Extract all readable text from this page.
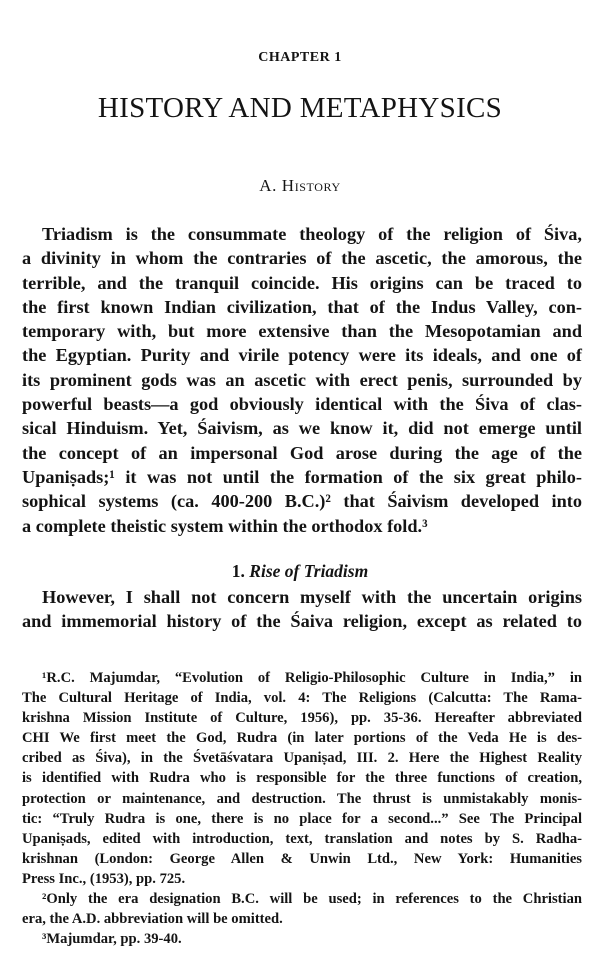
CHAPTER 1
HISTORY AND METAPHYSICS
A. History
Triadism is the consummate theology of the religion of Śiva,
a divinity in whom the contraries of the ascetic, the amorous, the
terrible, and the tranquil coincide. His origins can be traced to
the first known Indian civilization, that of the Indus Valley, con-
temporary with, but more extensive than the Mesopotamian and
the Egyptian. Purity and virile potency were its ideals, and one of
its prominent gods was an ascetic with erect penis, surrounded by
powerful beasts—a god obviously identical with the Śiva of clas-
sical Hinduism. Yet, Śaivism, as we know it, did not emerge until
the concept of an impersonal God arose during the age of the
Upaniṣads;¹ it was not until the formation of the six great philo-
sophical systems (ca. 400-200 B.C.)² that Śaivism developed into
a complete theistic system within the orthodox fold.³
1. Rise of Triadism
However, I shall not concern myself with the uncertain origins
and immemorial history of the Śaiva religion, except as related to
¹R.C. Majumdar, “Evolution of Religio-Philosophic Culture in India,” in
The Cultural Heritage of India, vol. 4: The Religions (Calcutta: The Rama-
krishna Mission Institute of Culture, 1956), pp. 35-36. Hereafter abbreviated
CHI We first meet the God, Rudra (in later portions of the Veda He is des-
cribed as Śiva), in the Śvetāśvatara Upaniṣad, III. 2. Here the Highest Reality
is identified with Rudra who is responsible for the three functions of creation,
protection or maintenance, and destruction. The thrust is unmistakably monis-
tic: “Truly Rudra is one, there is no place for a second...” See The Principal
Upaniṣads, edited with introduction, text, translation and notes by S. Radha-
krishnan (London: George Allen & Unwin Ltd., New York: Humanities
Press Inc., (1953), pp. 725.
²Only the era designation B.C. will be used; in references to the Christian
era, the A.D. abbreviation will be omitted.
³Majumdar, pp. 39-40.
